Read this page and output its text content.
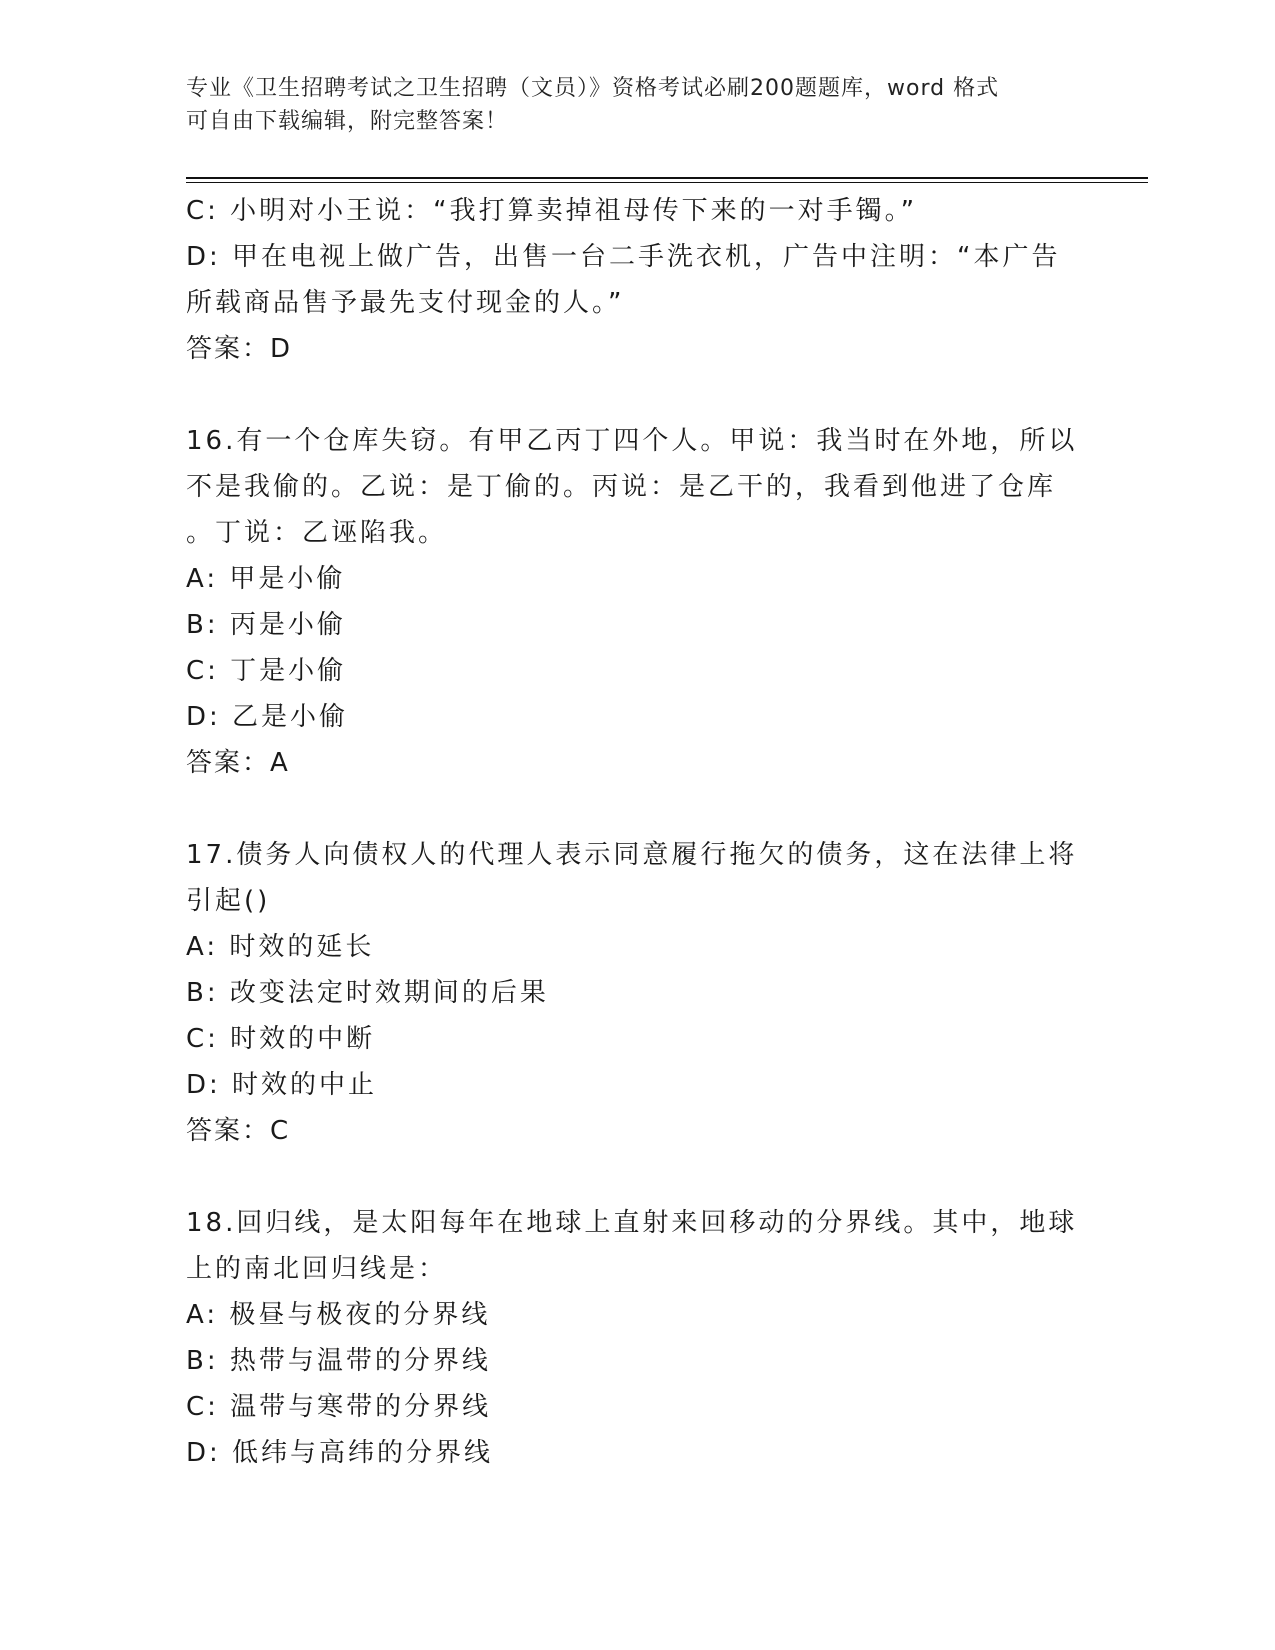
专业《卫生招聘考试之卫生招聘（文员）》资格考试必刷200题题库，word 格式
可自由下载编辑，附完整答案！
C: 小明对小王说：“我打算卖掉祖母传下来的一对手镯。”
D: 甲在电视上做广告，出售一台二手洗衣机，广告中注明：“本广告
所载商品售予最先支付现金的人。”
答案：D
16.有一个仓库失窃。有甲乙丙丁四个人。甲说：我当时在外地，所以
不是我偷的。乙说：是丁偷的。丙说：是乙干的，我看到他进了仓库
。丁说：乙诬陷我。
A: 甲是小偷
B: 丙是小偷
C: 丁是小偷
D: 乙是小偷
答案：A
17.债务人向债权人的代理人表示同意履行拖欠的债务，这在法律上将
引起()
A: 时效的延长
B: 改变法定时效期间的后果
C: 时效的中断
D: 时效的中止
答案：C
18.回归线，是太阳每年在地球上直射来回移动的分界线。其中，地球
上的南北回归线是：
A: 极昼与极夜的分界线
B: 热带与温带的分界线
C: 温带与寒带的分界线
D: 低纬与高纬的分界线
